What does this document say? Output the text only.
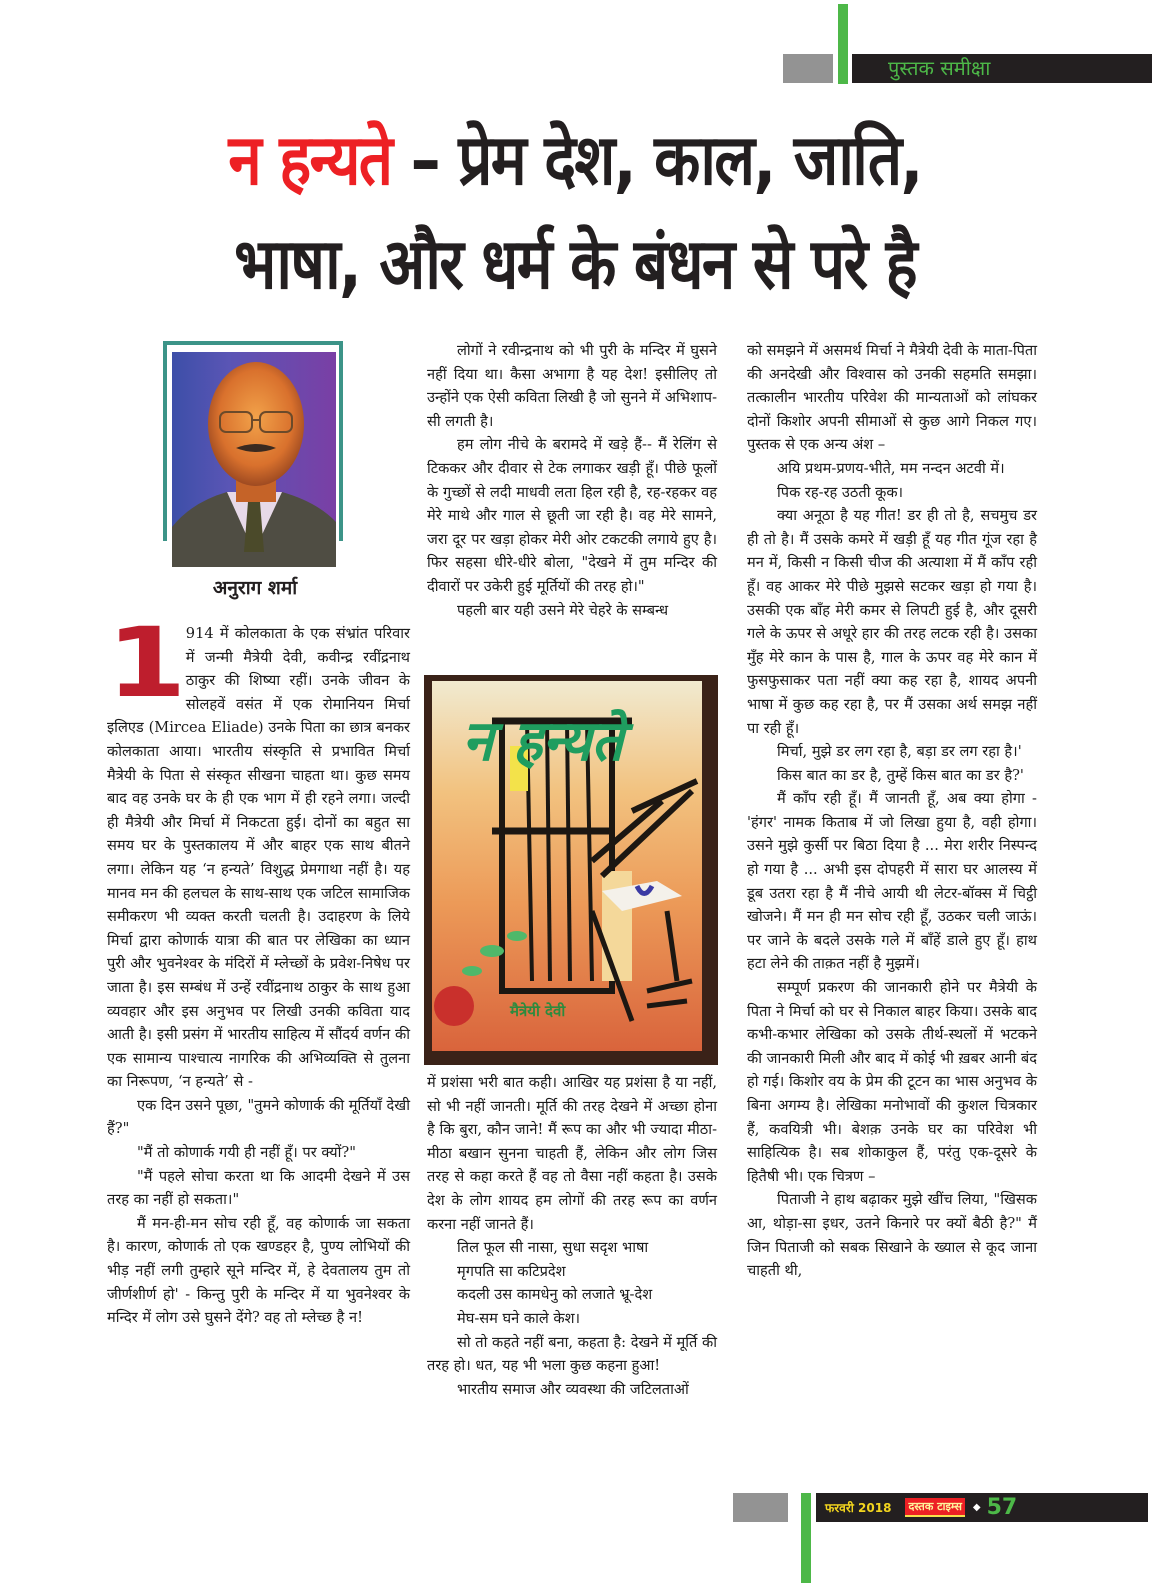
पुस्तक समीक्षा
न हन्यते – प्रेम देश, काल, जाति,
भाषा, और धर्म के बंधन से परे है
अनुराग शर्मा
1 914 में कोलकाता के एक संभ्रांत परिवार में जन्मी मैत्रेयी देवी, कवीन्द्र रवींद्रनाथ ठाकुर की शिष्या रहीं। उनके जीवन के सोलहवें वसंत में एक रोमानियन मिर्चा इलिएड (Mircea Eliade) उनके पिता का छात्र बनकर कोलकाता आया। भारतीय संस्कृति से प्रभावित मिर्चा मैत्रेयी के पिता से संस्कृत सीखना चाहता था। कुछ समय बाद वह उनके घर के ही एक भाग में ही रहने लगा। जल्दी ही मैत्रेयी और मिर्चा में निकटता हुई। दोनों का बहुत सा समय घर के पुस्तकालय में और बाहर एक साथ बीतने लगा। लेकिन यह ‘न हन्यते’ विशुद्ध प्रेमगाथा नहीं है। यह मानव मन की हलचल के साथ-साथ एक जटिल सामाजिक समीकरण भी व्यक्त करती चलती है। उदाहरण के लिये मिर्चा द्वारा कोणार्क यात्रा की बात पर लेखिका का ध्यान पुरी और भुवनेश्वर के मंदिरों में म्लेच्छों के प्रवेश-निषेध पर जाता है। इस सम्बंध में उन्हें रवींद्रनाथ ठाकुर के साथ हुआ व्यवहार और इस अनुभव पर लिखी उनकी कविता याद आती है। इसी प्रसंग में भारतीय साहित्य में सौंदर्य वर्णन की एक सामान्य पाश्चात्य नागरिक की अभिव्यक्ति से तुलना का निरूपण, ‘न हन्यते’ से -

एक दिन उसने पूछा, "तुमने कोणार्क की मूर्तियाँ देखी हैं?"

"मैं तो कोणार्क गयी ही नहीं हूँ। पर क्यों?"

"मैं पहले सोचा करता था कि आदमी देखने में उस तरह का नहीं हो सकता।"

मैं मन-ही-मन सोच रही हूँ, वह कोणार्क जा सकता है। कारण, कोणार्क तो एक खण्डहर है, पुण्य लोभियों की भीड़ नहीं लगी तुम्हारे सूने मन्दिर में, हे देवतालय तुम तो जीर्णशीर्ण हो' - किन्तु पुरी के मन्दिर में या भुवनेश्वर के मन्दिर में लोग उसे घुसने देंगे? वह तो म्लेच्छ है न!

लोगों ने रवीन्द्रनाथ को भी पुरी के मन्दिर में घुसने नहीं दिया था। कैसा अभागा है यह देश! इसीलिए तो उन्होंने एक ऐसी कविता लिखी है जो सुनने में अभिशाप-सी लगती है।

हम लोग नीचे के बरामदे में खड़े हैं-- मैं रेलिंग से टिककर और दीवार से टेक लगाकर खड़ी हूँ। पीछे फूलों के गुच्छों से लदी माधवी लता हिल रही है, रह-रहकर वह मेरे माथे और गाल से छूती जा रही है। वह मेरे सामने, जरा दूर पर खड़ा होकर मेरी ओर टकटकी लगाये हुए है। फिर सहसा धीरे-धीरे बोला, "देखने में तुम मन्दिर की दीवारों पर उकेरी हुई मूर्तियों की तरह हो।"

पहली बार यही उसने मेरे चेहरे के सम्बन्ध

न हन्यते
मैत्रेयी देवी

में प्रशंसा भरी बात कही। आखिर यह प्रशंसा है या नहीं, सो भी नहीं जानती। मूर्ति की तरह देखने में अच्छा होना है कि बुरा, कौन जाने! मैं रूप का और भी ज्यादा मीठा-मीठा बखान सुनना चाहती हैं, लेकिन और लोग जिस तरह से कहा करते हैं वह तो वैसा नहीं कहता है। उसके देश के लोग शायद हम लोगों की तरह रूप का वर्णन करना नहीं जानते हैं।

तिल फूल सी नासा, सुधा सदृश भाषा

मृगपति सा कटिप्रदेश

कदली उस कामधेनु को लजाते भ्रू-देश

मेघ-सम घने काले केश।

सो तो कहते नहीं बना, कहता है: देखने में मूर्ति की तरह हो। धत, यह भी भला कुछ कहना हुआ!

भारतीय समाज और व्यवस्था की जटिलताओं

को समझने में असमर्थ मिर्चा ने मैत्रेयी देवी के माता-पिता की अनदेखी और विश्वास को उनकी सहमति समझा। तत्कालीन भारतीय परिवेश की मान्यताओं को लांघकर दोनों किशोर अपनी सीमाओं से कुछ आगे निकल गए। पुस्तक से एक अन्य अंश –

अयि प्रथम-प्रणय-भीते, मम नन्दन अटवी में।

पिक रह-रह उठती कूक।

क्या अनूठा है यह गीत! डर ही तो है, सचमुच डर ही तो है। मैं उसके कमरे में खड़ी हूँ यह गीत गूंज रहा है मन में, किसी न किसी चीज की अत्याशा में मैं काँप रही हूँ। वह आकर मेरे पीछे मुझसे सटकर खड़ा हो गया है। उसकी एक बाँह मेरी कमर से लिपटी हुई है, और दूसरी गले के ऊपर से अधूरे हार की तरह लटक रही है। उसका मुँह मेरे कान के पास है, गाल के ऊपर वह मेरे कान में फुसफुसाकर पता नहीं क्या कह रहा है, शायद अपनी भाषा में कुछ कह रहा है, पर मैं उसका अर्थ समझ नहीं पा रही हूँ।

मिर्चा, मुझे डर लग रहा है, बड़ा डर लग रहा है।'

किस बात का डर है, तुम्हें किस बात का डर है?'

मैं काँप रही हूँ। मैं जानती हूँ, अब क्या होगा - 'हंगर' नामक किताब में जो लिखा हुया है, वही होगा। उसने मुझे कुर्सी पर बिठा दिया है ... मेरा शरीर निस्पन्द हो गया है ... अभी इस दोपहरी में सारा घर आलस्य में डूब उतरा रहा है मैं नीचे आयी थी लेटर-बॉक्स में चिट्ठी खोजने। मैं मन ही मन सोच रही हूँ, उठकर चली जाऊं। पर जाने के बदले उसके गले में बाँहें डाले हुए हूँ। हाथ हटा लेने की ताक़त नहीं है मुझमें।

सम्पूर्ण प्रकरण की जानकारी होने पर मैत्रेयी के पिता ने मिर्चा को घर से निकाल बाहर किया। उसके बाद कभी-कभार लेखिका को उसके तीर्थ-स्थलों में भटकने की जानकारी मिली और बाद में कोई भी ख़बर आनी बंद हो गई। किशोर वय के प्रेम की टूटन का भास अनुभव के बिना अगम्य है। लेखिका मनोभावों की कुशल चित्रकार हैं, कवयित्री भी। बेशक़ उनके घर का परिवेश भी साहित्यिक है। सब शोकाकुल हैं, परंतु एक-दूसरे के हितैषी भी। एक चित्रण –

पिताजी ने हाथ बढ़ाकर मुझे खींच लिया, "खिसक आ, थोड़ा-सा इधर, उतने किनारे पर क्यों बैठी है?" मैं जिन पिताजी को सबक सिखाने के ख्याल से कूद जाना चाहती थी,

फरवरी 2018 दस्तक टाइम्स	◆ 57
